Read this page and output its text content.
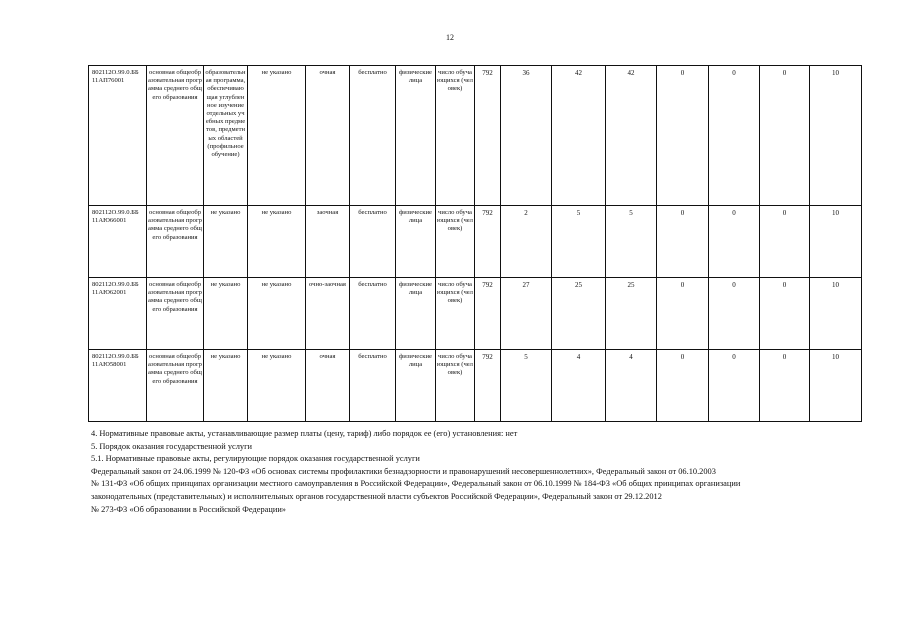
12
802112О.99.0.ББ 11АП76001	основная общеобразовательная программа среднего общего образования	образовательная программа, обеспечивающая углубленное изучение отдельных учебных предметов, предметных областей (профильное обучение)	не указано	очная	бесплатно	физические лица	число обучающихся (человек)	792	36	42	42	0	0	0	10	
802112О.99.0.ББ 11АЮ66001	основная общеобразовательная программа среднего общего образования	не указано	не указано	заочная	бесплатно	физические лица	число обучающихся (человек)	792	2	5	5	0	0	0	10	
802112О.99.0.ББ 11АЮ62001	основная общеобразовательная программа среднего общего образования	не указано	не указано	очно-заочная	бесплатно	физические лица	число обучающихся (человек)	792	27	25	25	0	0	0	10	
802112О.99.0.ББ 11АЮ58001	основная общеобразовательная программа среднего общего образования	не указано	не указано	очная	бесплатно	физические лица	число обучающихся (человек)	792	5	4	4	0	0	0	10	
4. Нормативные правовые акты, устанавливающие размер платы (цену, тариф) либо порядок ее (его) установления: нет
5. Порядок оказания государственной услуги
5.1. Нормативные правовые акты, регулирующие порядок оказания государственной услуги
Федеральный закон от 24.06.1999 № 120-ФЗ «Об основах системы профилактики безнадзорности и правонарушений несовершеннолетних», Федеральный закон от 06.10.2003
№ 131-ФЗ «Об общих принципах организации местного самоуправления в Российской Федерации», Федеральный закон от 06.10.1999 № 184-ФЗ «Об общих принципах организации
законодательных (представительных) и исполнительных органов государственной власти субъектов Российской Федерации», Федеральный закон от 29.12.2012
№ 273-ФЗ «Об образовании в Российской Федерации»
